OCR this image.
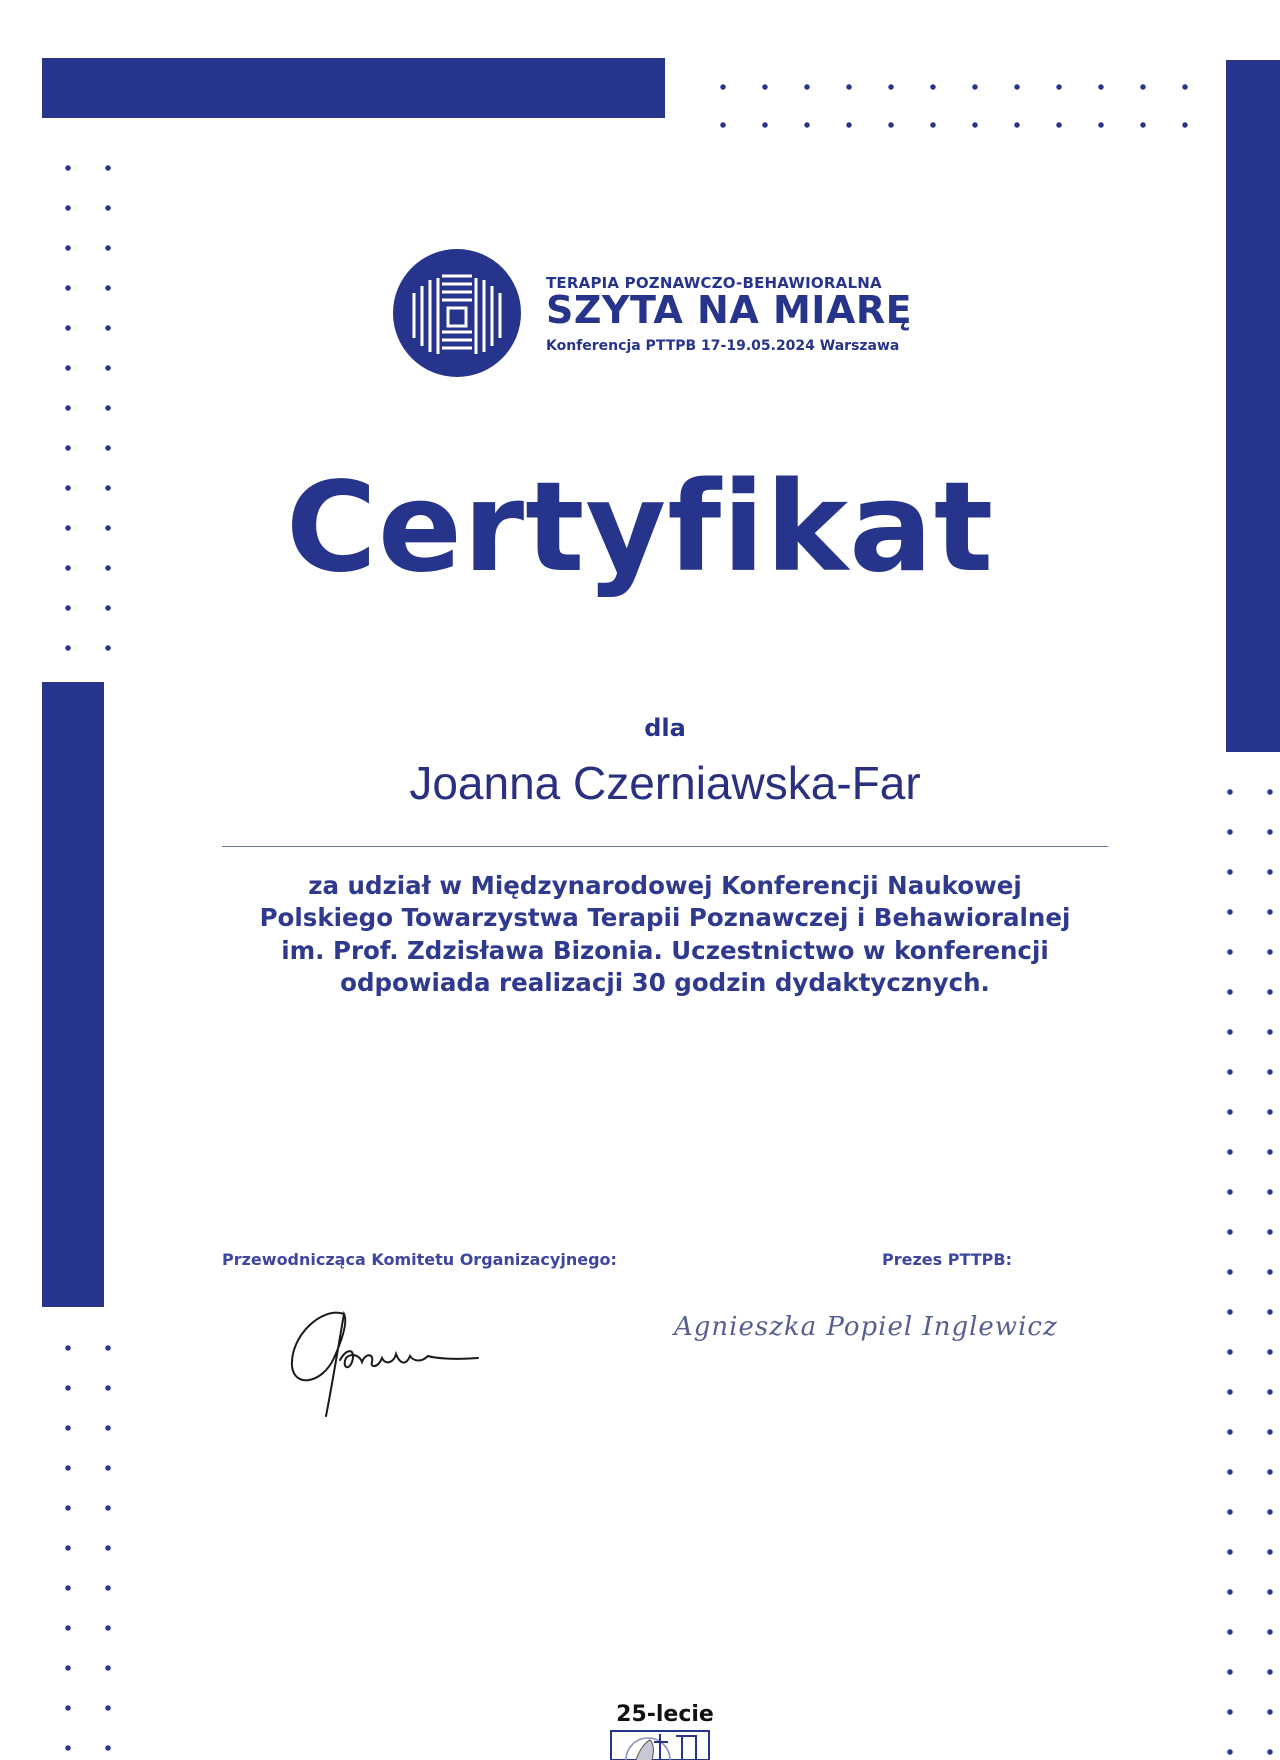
TERAPIA POZNAWCZO-BEHAWIORALNA
SZYTA NA MIARĘ
Konferencja PTTPB 17-19.05.2024 Warszawa
Certyfikat
dla
Joanna Czerniawska-Far
za udział w Międzynarodowej Konferencji Naukowej
Polskiego Towarzystwa Terapii Poznawczej i Behawioralnej
im. Prof. Zdzisława Bizonia. Uczestnictwo w konferencji
odpowiada realizacji 30 godzin dydaktycznych.
Przewodnicząca Komitetu Organizacyjnego:	Prezes PTTPB:
Agnieszka Popiel Inglewicz
25-lecie
